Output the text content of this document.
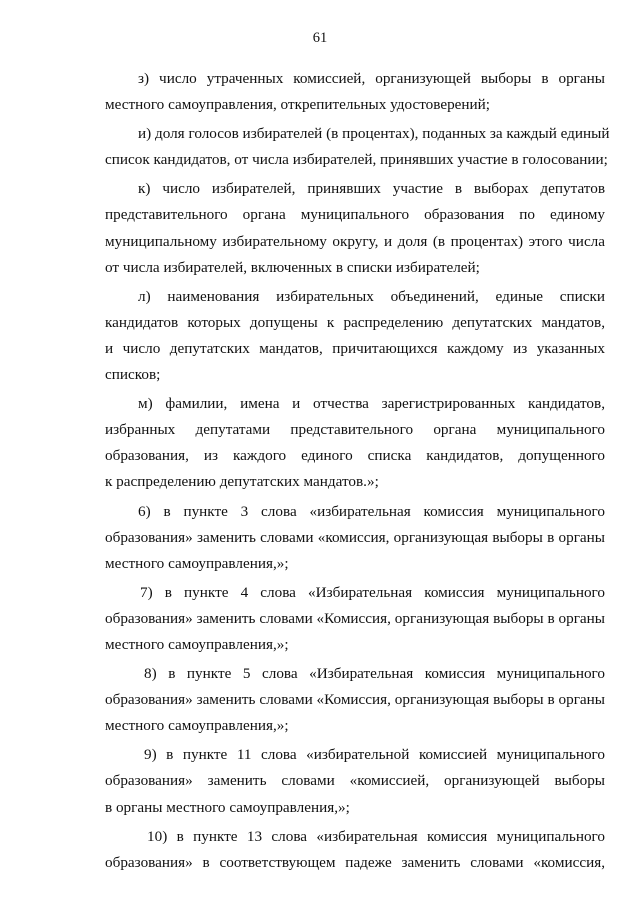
61
з) число утраченных комиссией, организующей выборы в органы
местного самоуправления, открепительных удостоверений;
и) доля голосов избирателей (в процентах), поданных за каждый единый
список кандидатов, от числа избирателей, принявших участие в голосовании;
к) число избирателей, принявших участие в выборах депутатов
представительного органа муниципального образования по единому
муниципальному избирательному округу, и доля (в процентах) этого числа
от числа избирателей, включенных в списки избирателей;
л) наименования избирательных объединений, единые списки
кандидатов которых допущены к распределению депутатских мандатов,
и число депутатских мандатов, причитающихся каждому из указанных
списков;
м) фамилии, имена и отчества зарегистрированных кандидатов,
избранных депутатами представительного органа муниципального
образования, из каждого единого списка кандидатов, допущенного
к распределению депутатских мандатов.»;
6) в пункте 3 слова «избирательная комиссия муниципального
образования» заменить словами «комиссия, организующая выборы в органы
местного самоуправления,»;
7) в пункте 4 слова «Избирательная комиссия муниципального
образования» заменить словами «Комиссия, организующая выборы в органы
местного самоуправления,»;
8) в пункте 5 слова «Избирательная комиссия муниципального
образования» заменить словами «Комиссия, организующая выборы в органы
местного самоуправления,»;
9) в пункте 11 слова «избирательной комиссией муниципального
образования» заменить словами «комиссией, организующей выборы
в органы местного самоуправления,»;
10) в пункте 13 слова «избирательная комиссия муниципального
образования» в соответствующем падеже заменить словами «комиссия,
